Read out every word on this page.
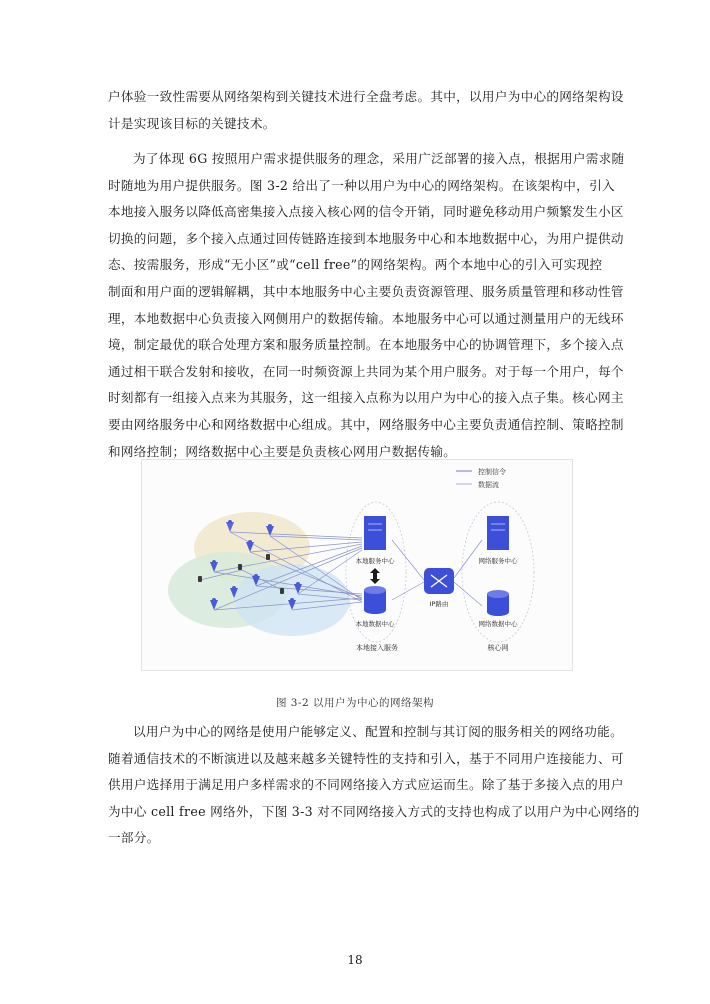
户体验一致性需要从网络架构到关键技术进行全盘考虑。其中，以用户为中心的网络架构设
计是实现该目标的关键技术。
为了体现 6G 按照用户需求提供服务的理念，采用广泛部署的接入点，根据用户需求随
时随地为用户提供服务。图 3-2 给出了一种以用户为中心的网络架构。在该架构中，引入
本地接入服务以降低高密集接入点接入核心网的信令开销，同时避免移动用户频繁发生小区
切换的问题，多个接入点通过回传链路连接到本地服务中心和本地数据中心，为用户提供动
态、按需服务，形成“无小区”或“cell free”的网络架构。两个本地中心的引入可实现控
制面和用户面的逻辑解耦，其中本地服务中心主要负责资源管理、服务质量管理和移动性管
理，本地数据中心负责接入网侧用户的数据传输。本地服务中心可以通过测量用户的无线环
境，制定最优的联合处理方案和服务质量控制。在本地服务中心的协调管理下，多个接入点
通过相干联合发射和接收，在同一时频资源上共同为某个用户服务。对于每一个用户，每个
时刻都有一组接入点来为其服务，这一组接入点称为以用户为中心的接入点子集。核心网主
要由网络服务中心和网络数据中心组成。其中，网络服务中心主要负责通信控制、策略控制
和网络控制；网络数据中心主要是负责核心网用户数据传输。
控制信令
数据流
本地服务中心
本地数据中心
IP路由
网络服务中心
网络数据中心
本地接入服务	核心网
图 3-2 以用户为中心的网络架构
以用户为中心的网络是使用户能够定义、配置和控制与其订阅的服务相关的网络功能。
随着通信技术的不断演进以及越来越多关键特性的支持和引入，基于不同用户连接能力、可
供用户选择用于满足用户多样需求的不同网络接入方式应运而生。除了基于多接入点的用户
为中心 cell free 网络外，下图 3-3 对不同网络接入方式的支持也构成了以用户为中心网络的
一部分。
18
